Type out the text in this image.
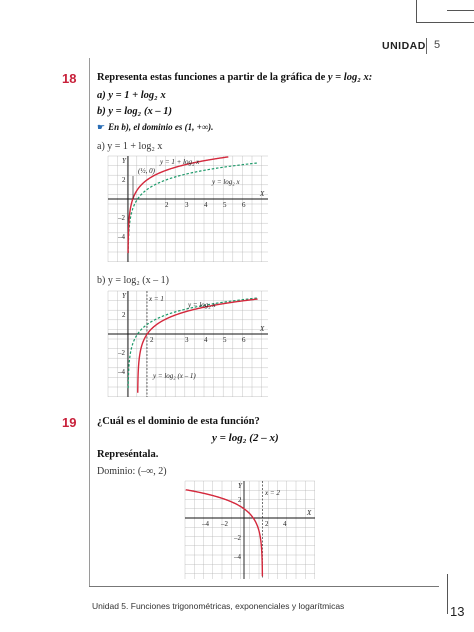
UNIDAD 5
18 Representa estas funciones a partir de la gráfica de y = log₂ x:
a) y = 1 + log₂ x
b) y = log₂ (x – 1)
☛ En b), el dominio es (1, +∞).
a) y = 1 + log₂ x
Y
X
(½, 0)
y = 1 + log₂ x
y = log₂ x
2 3 4 5 6
2
–2
–4
b) y = log₂ (x – 1)
Y
X
x = 1
y = log₂ x
y = log₂ (x – 1)
2	3 4 5 6
2
–2
–4
19 ¿Cuál es el dominio de esta función?
y = log₂ (2 – x)
Represéntala.
Dominio: (–∞, 2)
Y
X
x = 2
–4 –2	2 4
2
–2
–4
Unidad 5. Funciones trigonométricas, exponenciales y logarítmicas	13
